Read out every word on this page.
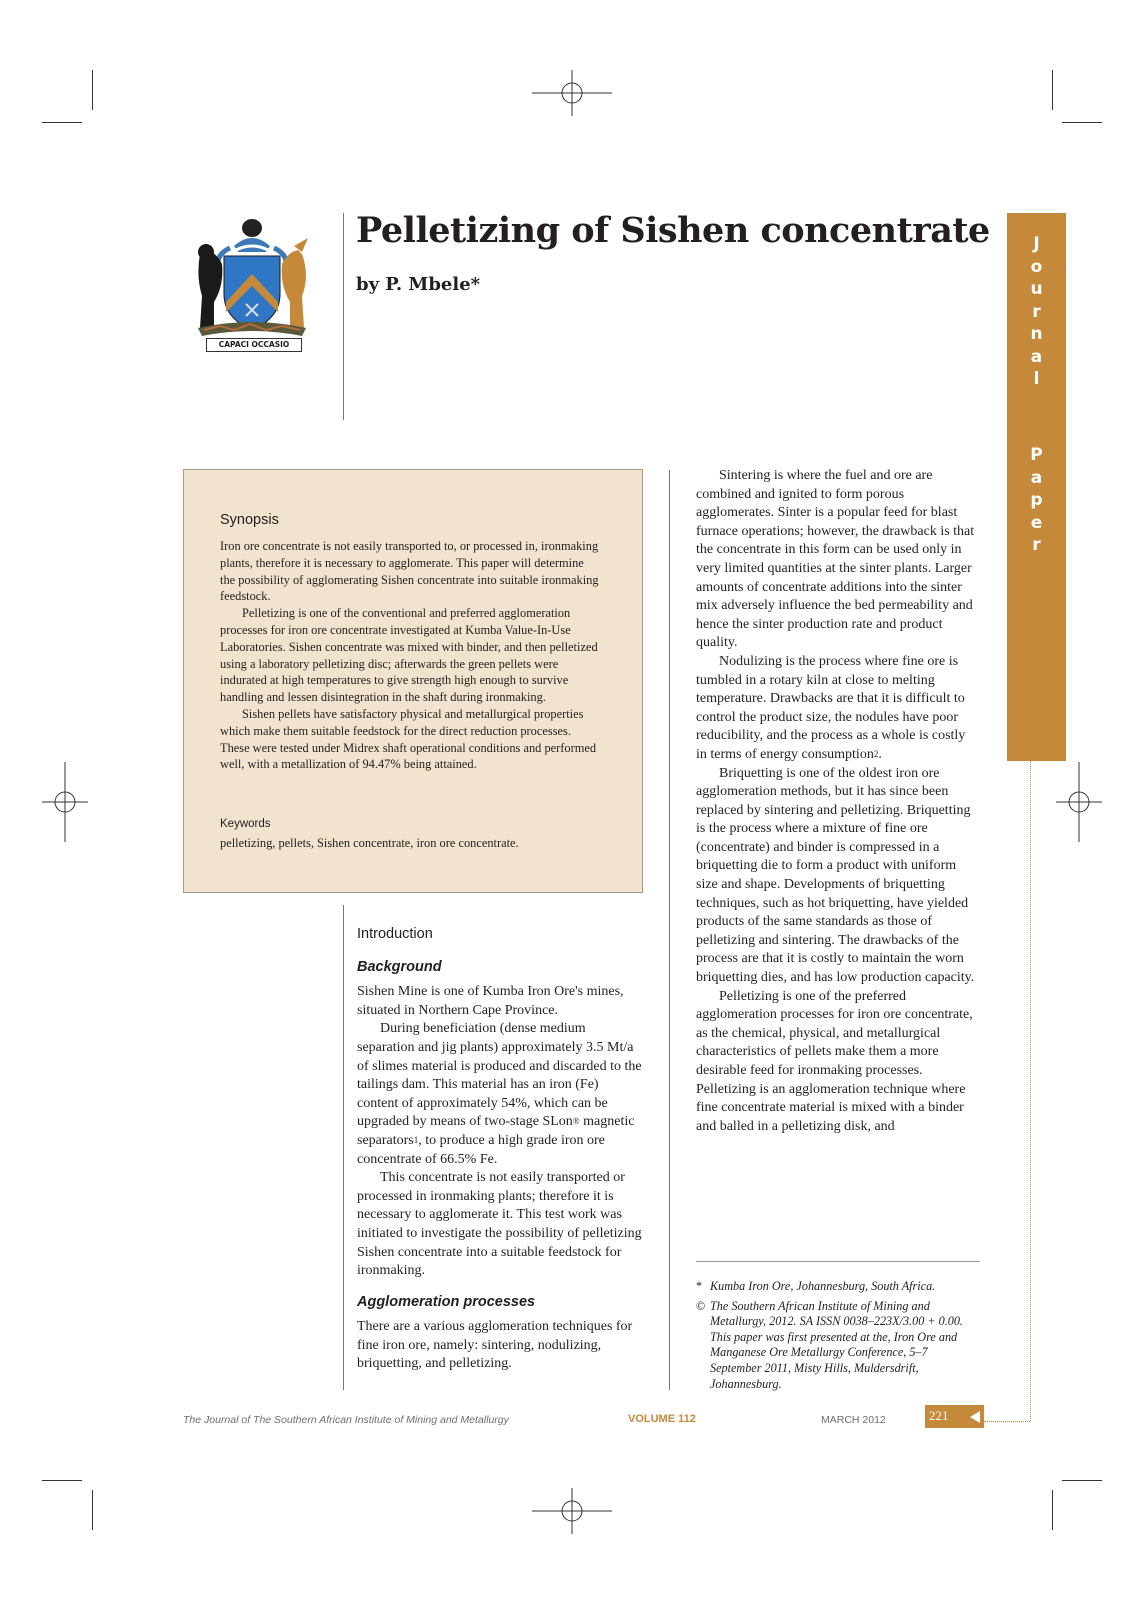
CAPACI OCCASIO
Pelletizing of Sishen concentrate
by P. Mbele*
J
o
u
r
n
a
l
P
a
p
e
r
Synopsis

Iron ore concentrate is not easily transported to, or processed in, ironmaking plants, therefore it is necessary to agglomerate. This paper will determine the possibility of agglomerating Sishen concentrate into suitable ironmaking feedstock.

Pelletizing is one of the conventional and preferred agglomeration processes for iron ore concentrate investigated at Kumba Value-In-Use Laboratories. Sishen concentrate was mixed with binder, and then pelletized using a laboratory pelletizing disc; afterwards the green pellets were indurated at high temperatures to give strength high enough to survive handling and lessen disintegration in the shaft during ironmaking.

Sishen pellets have satisfactory physical and metallurgical properties which make them suitable feedstock for the direct reduction processes. These were tested under Midrex shaft operational conditions and performed well, with a metallization of 94.47% being attained.

Keywords
pelletizing, pellets, Sishen concentrate, iron ore concentrate.
Introduction
Background

Sishen Mine is one of Kumba Iron Ore's mines, situated in Northern Cape Province.

During beneficiation (dense medium separation and jig plants) approximately 3.5 Mt/a of slimes material is produced and discarded to the tailings dam. This material has an iron (Fe) content of approximately 54%, which can be upgraded by means of two-stage SLon® magnetic separators$^1$, to produce a high grade iron ore concentrate of 66.5% Fe.

This concentrate is not easily transported or processed in ironmaking plants; therefore it is necessary to agglomerate it. This test work was initiated to investigate the possibility of pelletizing Sishen concentrate into a suitable feedstock for ironmaking.

Agglomeration processes

There are a various agglomeration techniques for fine iron ore, namely: sintering, nodulizing, briquetting, and pelletizing.

Sintering is where the fuel and ore are combined and ignited to form porous agglomerates. Sinter is a popular feed for blast furnace operations; however, the drawback is that the concentrate in this form can be used only in very limited quantities at the sinter plants. Larger amounts of concentrate additions into the sinter mix adversely influence the bed permeability and hence the sinter production rate and product quality.

Nodulizing is the process where fine ore is tumbled in a rotary kiln at close to melting temperature. Drawbacks are that it is difficult to control the product size, the nodules have poor reducibility, and the process as a whole is costly in terms of energy consumption$^2$.

Briquetting is one of the oldest iron ore agglomeration methods, but it has since been replaced by sintering and pelletizing. Briquetting is the process where a mixture of fine ore (concentrate) and binder is compressed in a briquetting die to form a product with uniform size and shape. Developments of briquetting techniques, such as hot briquetting, have yielded products of the same standards as those of pelletizing and sintering. The drawbacks of the process are that it is costly to maintain the worn briquetting dies, and has low production capacity.

Pelletizing is one of the preferred agglomeration processes for iron ore concentrate, as the chemical, physical, and metallurgical characteristics of pellets make them a more desirable feed for ironmaking processes. Pelletizing is an agglomeration technique where fine concentrate material is mixed with a binder and balled in a pelletizing disk, and

* Kumba Iron Ore, Johannesburg, South Africa.
© The Southern African Institute of Mining and Metallurgy, 2012. SA ISSN 0038–223X/3.00 + 0.00. This paper was first presented at the, Iron Ore and Manganese Ore Metallurgy Conference, 5–7 September 2011, Misty Hills, Muldersdrift, Johannesburg.
The Journal of The Southern African Institute of Mining and Metallurgy	VOLUME 112	MARCH 2012	221
